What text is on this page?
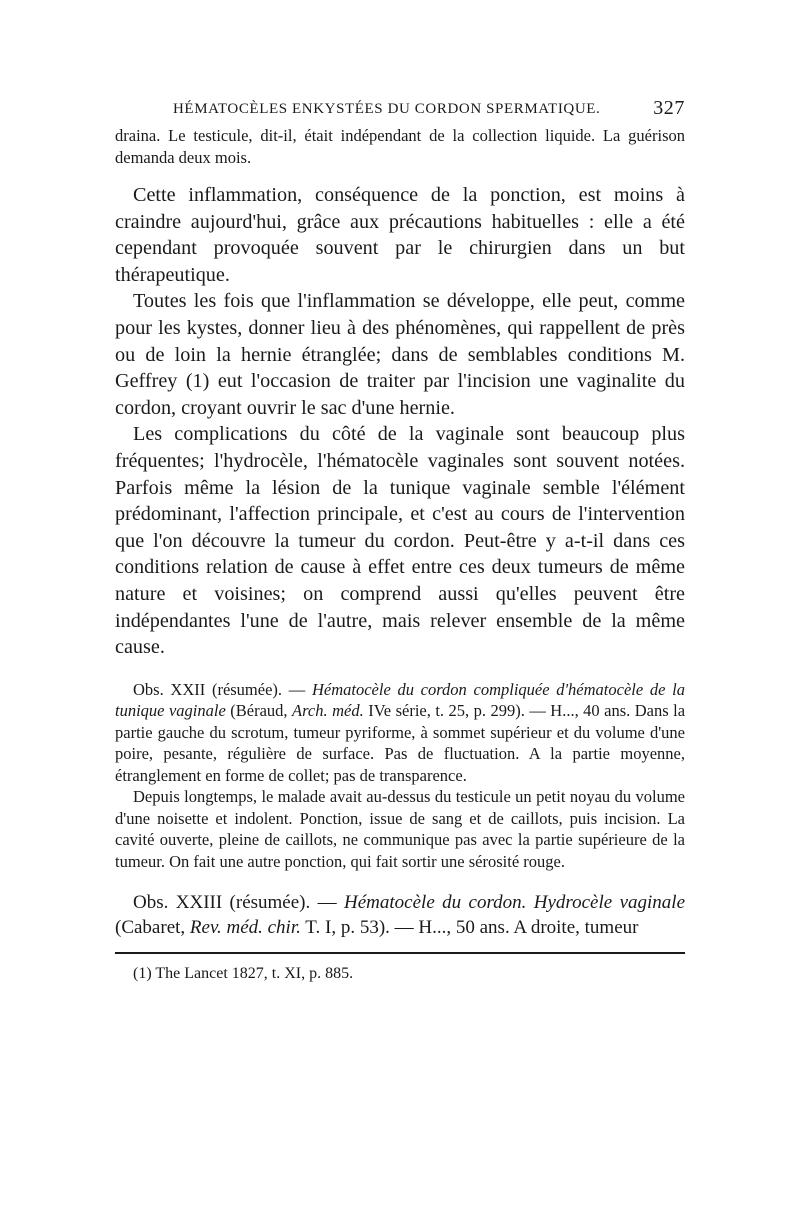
HÉMATOCÈLES ENKYSTÉES DU CORDON SPERMATIQUE.	327

draina. Le testicule, dit-il, était indépendant de la collection liquide. La guérison demanda deux mois.

Cette inflammation, conséquence de la ponction, est moins à craindre aujourd'hui, grâce aux précautions habituelles : elle a été cependant provoquée souvent par le chirurgien dans un but thérapeutique.

Toutes les fois que l'inflammation se développe, elle peut, comme pour les kystes, donner lieu à des phénomènes, qui rappellent de près ou de loin la hernie étranglée; dans de semblables conditions M. Geffrey (1) eut l'occasion de traiter par l'incision une vaginalite du cordon, croyant ouvrir le sac d'une hernie.

Les complications du côté de la vaginale sont beaucoup plus fréquentes; l'hydrocèle, l'hématocèle vaginales sont souvent notées. Parfois même la lésion de la tunique vaginale semble l'élément prédominant, l'affection principale, et c'est au cours de l'intervention que l'on découvre la tumeur du cordon. Peut-être y a-t-il dans ces conditions relation de cause à effet entre ces deux tumeurs de même nature et voisines; on comprend aussi qu'elles peuvent être indépendantes l'une de l'autre, mais relever ensemble de la même cause.

Obs. XXII (résumée). — Hématocèle du cordon compliquée d'hématocèle de la tunique vaginale (Béraud, Arch. méd. IVe série, t. 25, p. 299). — H..., 40 ans. Dans la partie gauche du scrotum, tumeur pyriforme, à sommet supérieur et du volume d'une poire, pesante, régulière de surface. Pas de fluctuation. A la partie moyenne, étranglement en forme de collet; pas de transparence.

Depuis longtemps, le malade avait au-dessus du testicule un petit noyau du volume d'une noisette et indolent. Ponction, issue de sang et de caillots, puis incision. La cavité ouverte, pleine de caillots, ne communique pas avec la partie supérieure de la tumeur. On fait une autre ponction, qui fait sortir une sérosité rouge.

Obs. XXIII (résumée). — Hématocèle du cordon. Hydrocèle vaginale (Cabaret, Rev. méd. chir. T. I, p. 53). — H..., 50 ans. A droite, tumeur

(1) The Lancet 1827, t. XI, p. 885.
